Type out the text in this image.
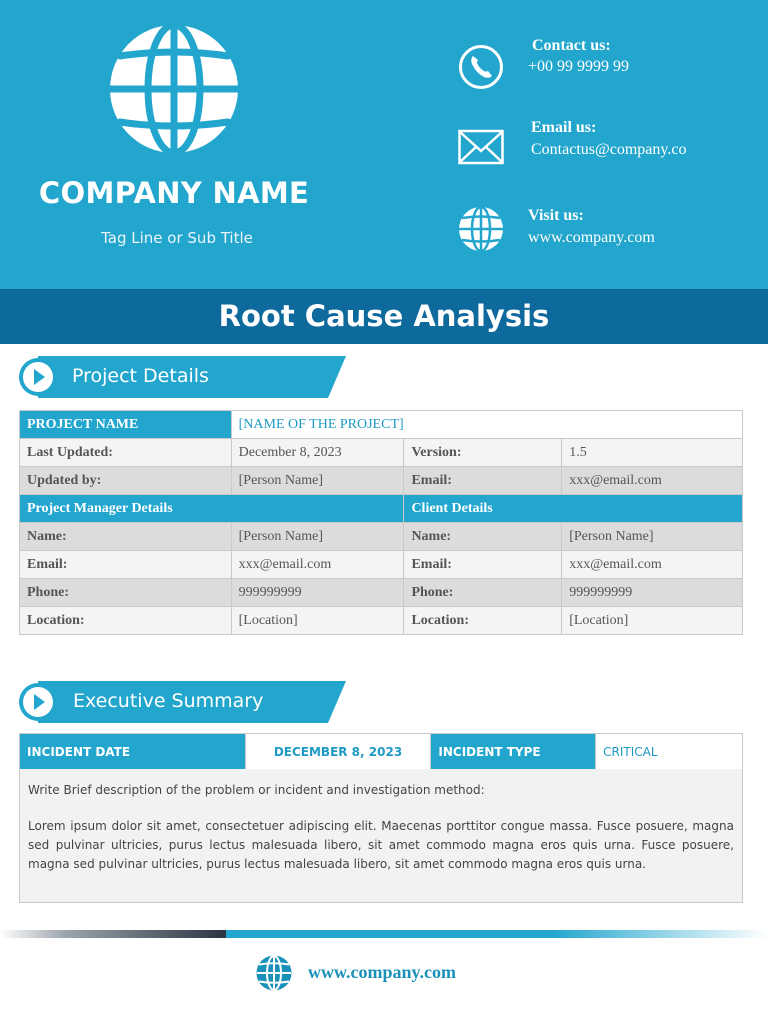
COMPANY NAME
Tag Line or Sub Title
Contact us:
+00 99 9999 99
Email us:
Contactus@company.co
Visit us:
www.company.com
Root Cause Analysis
Project Details
PROJECT NAME	[NAME OF THE PROJECT]		
Last Updated:	December 8, 2023	Version:	1.5
Updated by:	[Person Name]	Email:	xxx@email.com
Project Manager Details		Client Details	
Name:	[Person Name]	Name:	[Person Name]
Email:	xxx@email.com	Email:	xxx@email.com
Phone:	999999999	Phone:	999999999
Location:	[Location]	Location:	[Location]
Executive Summary
INCIDENT DATE	DECEMBER 8, 2023	INCIDENT TYPE	CRITICAL
Write Brief description of the problem or incident and investigation method:
Lorem ipsum dolor sit amet, consectetuer adipiscing elit. Maecenas porttitor congue massa. Fusce posuere, magna sed pulvinar ultricies, purus lectus malesuada libero, sit amet commodo magna eros quis urna. Fusce posuere, magna sed pulvinar ultricies, purus lectus malesuada libero, sit amet commodo magna eros quis urna.
www.company.com
